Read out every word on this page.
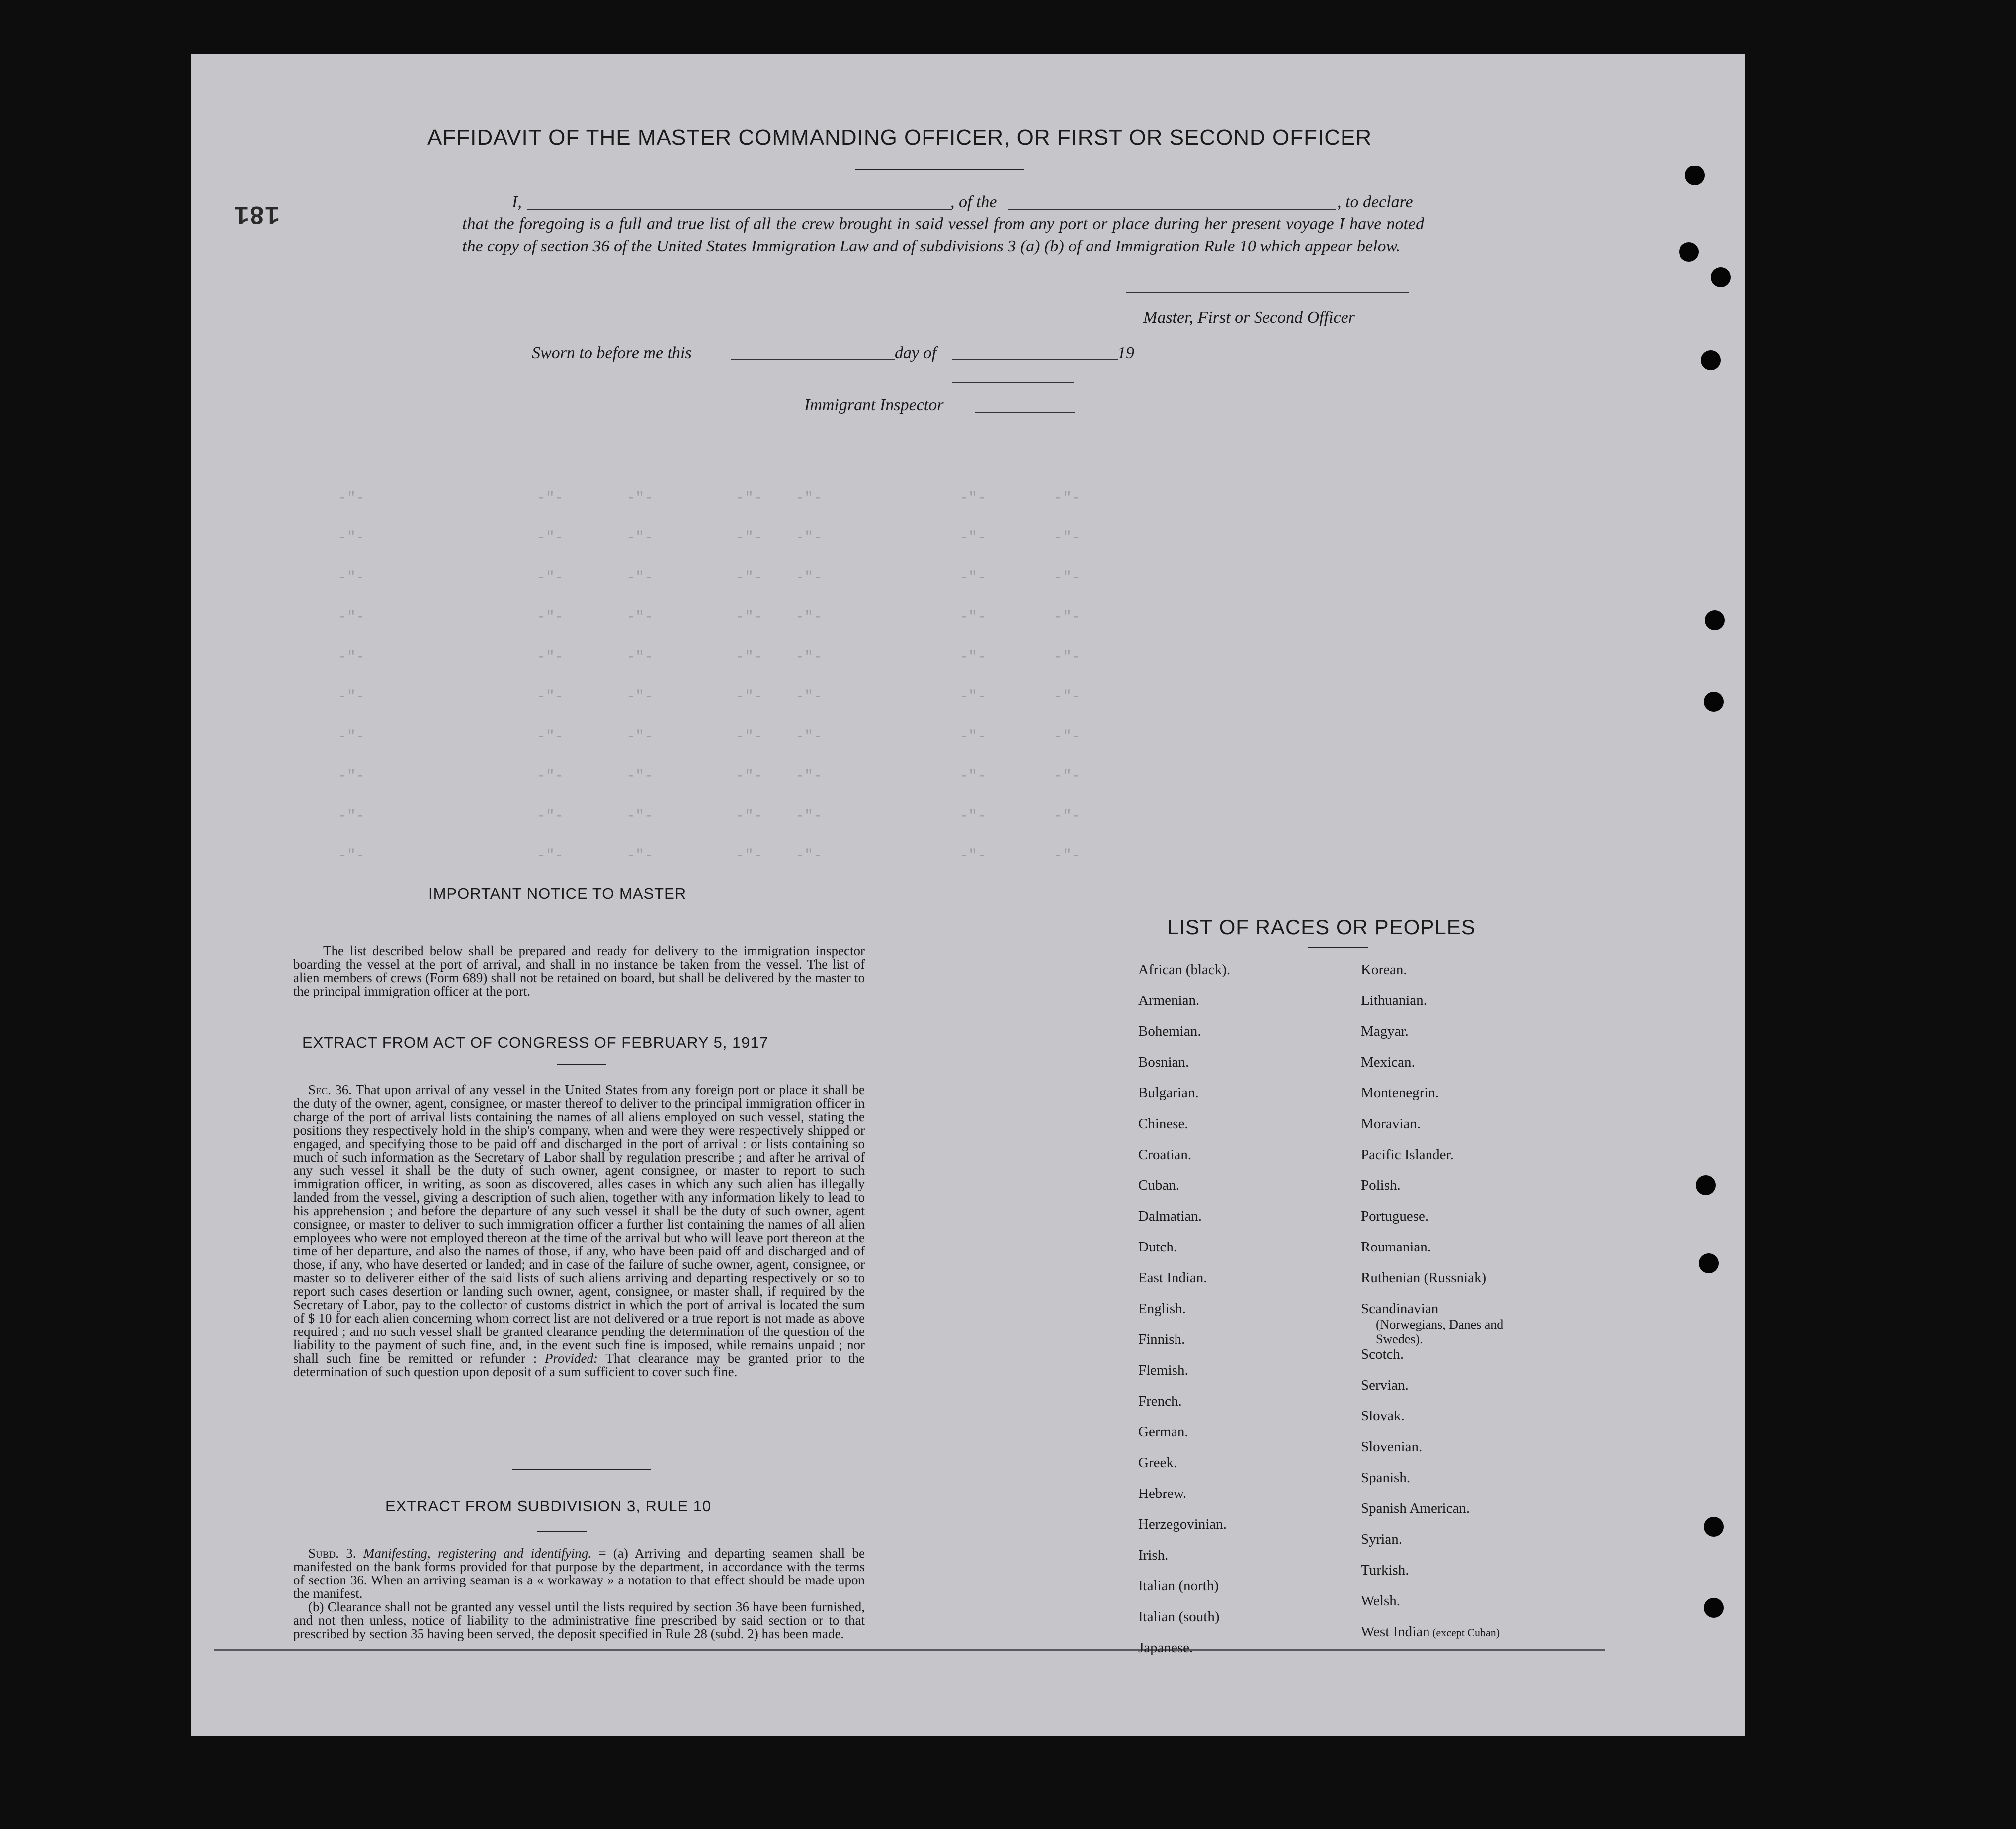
-"-	-"-	-"-	-"- -"-	-"-	-"-
-"-	-"-	-"-	-"- -"-	-"-	-"-
-"-	-"-	-"-	-"- -"-	-"-	-"-
-"-	-"-	-"-	-"- -"-	-"-	-"-
-"-	-"-	-"-	-"- -"-	-"-	-"-
-"-	-"-	-"-	-"- -"-	-"-	-"-
-"-	-"-	-"-	-"- -"-	-"-	-"-
-"-	-"-	-"-	-"- -"-	-"-	-"-
-"-	-"-	-"-	-"- -"-	-"-	-"-
-"-	-"-	-"-	-"- -"-	-"-	-"-
181
AFFIDAVIT OF THE MASTER COMMANDING OFFICER, OR FIRST OR SECOND OFFICER
I,	, of the	, to declare
that the foregoing is a full and true list of all the crew brought in said vessel from any port or place during her present voyage I have noted the copy of section 36 of the United States Immigration Law and of subdivisions 3 (a) (b) of and Immigration Rule 10 which appear below.
Master, First or Second Officer
Sworn to before me this	day of	19
Immigrant Inspector
IMPORTANT NOTICE TO MASTER
The list described below shall be prepared and ready for delivery to the immigration inspector boarding the vessel at the port of arrival, and shall in no instance be taken from the vessel. The list of alien members of crews (Form 689) shall not be retained on board, but shall be delivered by the master to the principal immigration officer at the port.
EXTRACT FROM ACT OF CONGRESS OF FEBRUARY 5, 1917

Sec. 36. That upon arrival of any vessel in the United States from any foreign port or place it shall be the duty of the owner, agent, consignee, or master thereof to deliver to the principal immigration officer in charge of the port of arrival lists containing the names of all aliens employed on such vessel, stating the positions they respectively hold in the ship's company, when and were they were respectively shipped or engaged, and specifying those to be paid off and discharged in the port of arrival : or lists containing so much of such information as the Secretary of Labor shall by regulation prescribe ; and after he arrival of any such vessel it shall be the duty of such owner, agent consignee, or master to report to such immigration officer, in writing, as soon as discovered, alles cases in which any such alien has illegally landed from the vessel, giving a description of such alien, together with any information likely to lead to his apprehension ; and before the departure of any such vessel it shall be the duty of such owner, agent consignee, or master to deliver to such immigration officer a further list containing the names of all alien employees who were not employed thereon at the time of the arrival but who will leave port thereon at the time of her departure, and also the names of those, if any, who have been paid off and discharged and of those, if any, who have deserted or landed; and in case of the failure of suche owner, agent, consignee, or master so to deliverer either of the said lists of such aliens arriving and departing respectively or so to report such cases desertion or landing such owner, agent, consignee, or master shall, if required by the Secretary of Labor, pay to the collector of customs district in which the port of arrival is located the sum of $ 10 for each alien concerning whom correct list are not delivered or a true report is not made as above required ; and no such vessel shall be granted clearance pending the determination of the question of the liability to the payment of such fine, and, in the event such fine is imposed, while remains unpaid ; nor shall such fine be remitted or refunder : Provided: That clearance may be granted prior to the determination of such question upon deposit of a sum sufficient to cover such fine.

EXTRACT FROM SUBDIVISION 3, RULE 10

Subd. 3. Manifesting, registering and identifying. = (a) Arriving and departing seamen shall be manifested on the bank forms provided for that purpose by the department, in accordance with the terms of section 36. When an arriving seaman is a « workaway » a notation to that effect should be made upon the manifest.

(b) Clearance shall not be granted any vessel until the lists required by section 36 have been furnished, and not then unless, notice of liability to the administrative fine prescribed by said section or to that prescribed by section 35 having been served, the deposit specified in Rule 28 (subd. 2) has been made.

LIST OF RACES OR PEOPLES
African (black).
Armenian.
Bohemian.
Bosnian.
Bulgarian.
Chinese.
Croatian.
Cuban.
Dalmatian.
Dutch.
East Indian.
English.
Finnish.
Flemish.
French.
German.
Greek.
Hebrew.
Herzegovinian.
Irish.
Italian (north)
Italian (south)
Japanese.
Korean.
Lithuanian.
Magyar.
Mexican.
Montenegrin.
Moravian.
Pacific Islander.
Polish.
Portuguese.
Roumanian.
Ruthenian (Russniak)
Scandinavian
(Norwegians, Danes and Swedes).
Scotch.
Servian.
Slovak.
Slovenian.
Spanish.
Spanish American.
Syrian.
Turkish.
Welsh.
West Indian (except Cuban)
